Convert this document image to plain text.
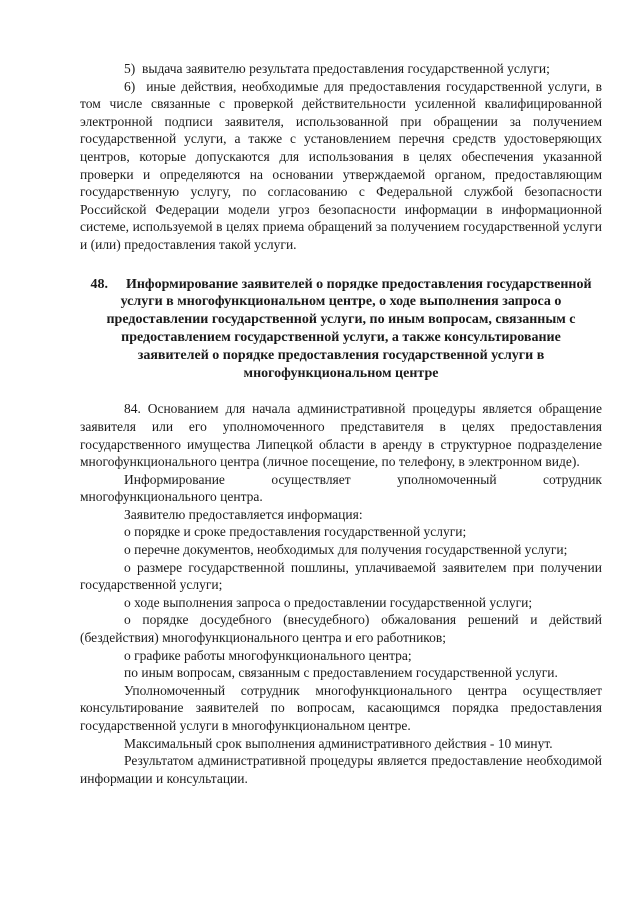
5)  выдача заявителю результата предоставления государственной услуги;

6)  иные действия, необходимые для предоставления государственной услуги, в том числе связанные с проверкой действительности усиленной квалифицированной электронной подписи заявителя, использованной при обращении за получением государственной услуги, а также с установлением перечня средств удостоверяющих центров, которые допускаются для использования в целях обеспечения указанной проверки и определяются на основании утверждаемой органом, предоставляющим государственную услугу, по согласованию с Федеральной службой безопасности Российской Федерации модели угроз безопасности информации в информационной системе, используемой в целях приема обращений за получением государственной услуги и (или) предоставления такой услуги.

48. Информирование заявителей о порядке предоставления государственной услуги в многофункциональном центре, о ходе выполнения запроса о предоставлении государственной услуги, по иным вопросам, связанным с предоставлением государственной услуги, а также консультирование заявителей о порядке предоставления государственной услуги в многофункциональном центре

84. Основанием для начала административной процедуры является обращение заявителя или его уполномоченного представителя в целях предоставления государственного имущества Липецкой области в аренду в структурное подразделение многофункционального центра (личное посещение, по телефону, в электронном виде).

Информирование осуществляет уполномоченный сотрудник многофункционального центра.

Заявителю предоставляется информация:

о порядке и сроке предоставления государственной услуги;

о перечне документов, необходимых для получения государственной услуги;

о размере государственной пошлины, уплачиваемой заявителем при получении государственной услуги;

о ходе выполнения запроса о предоставлении государственной услуги;

о порядке досудебного (внесудебного) обжалования решений и действий (бездействия) многофункционального центра и его работников;

о графике работы многофункционального центра;

по иным вопросам, связанным с предоставлением государственной услуги.

Уполномоченный сотрудник многофункционального центра осуществляет консультирование заявителей по вопросам, касающимся порядка предоставления государственной услуги в многофункциональном центре.

Максимальный срок выполнения административного действия - 10 минут.

Результатом административной процедуры является предоставление необходимой информации и консультации.
